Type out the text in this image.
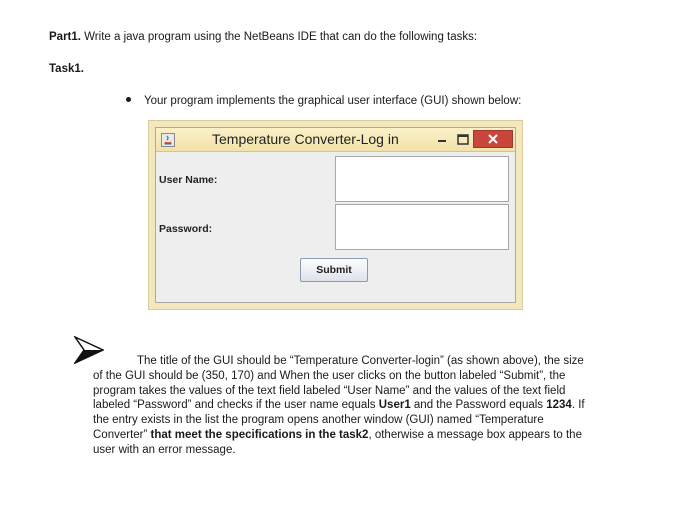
Part1. Write a java program using the NetBeans IDE that can do the following tasks:
Task1.
Your program implements the graphical user interface (GUI) shown below:
Temperature Converter-Log in
User Name:
Password:
Submit
The title of the GUI should be “Temperature Converter-login” (as shown above), the size
of the GUI should be (350, 170) and When the user clicks on the button labeled “Submit”, the
program takes the values of the text field labeled “User Name” and the values of the text field
labeled “Password” and checks if the user name equals User1 and the Password equals 1234. If
the entry exists in the list the program opens another window (GUI) named “Temperature
Converter” that meet the specifications in the task2, otherwise a message box appears to the
user with an error message.
